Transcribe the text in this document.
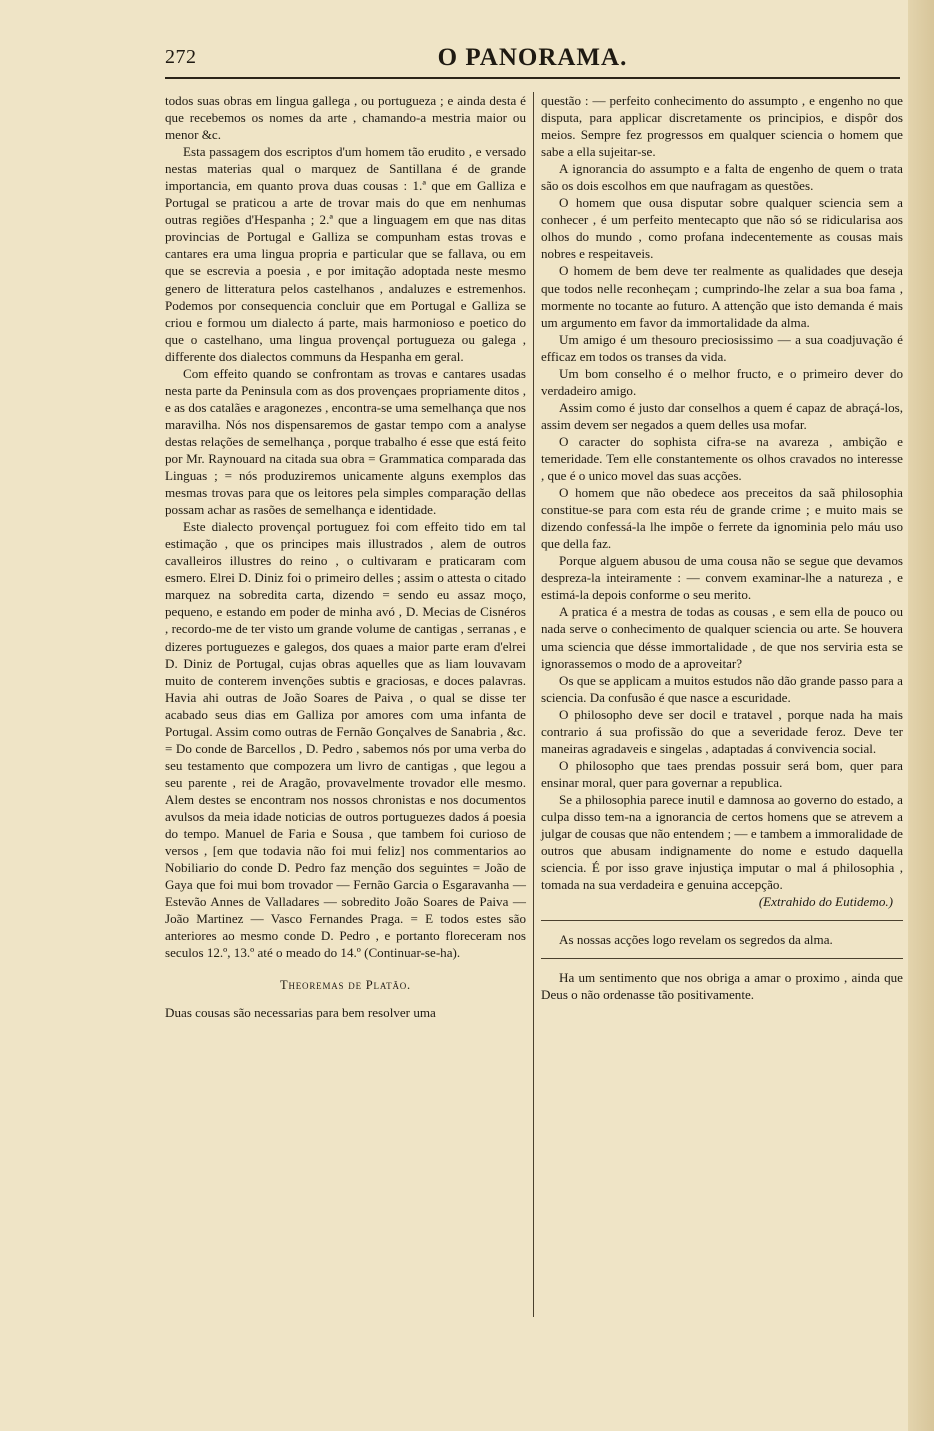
272	O PANORAMA.

todos suas obras em lingua gallega , ou portugueza ; e ainda desta é que recebemos os nomes da arte , chamando-a mestria maior ou menor &c.

Esta passagem dos escriptos d'um homem tão erudito , e versado nestas materias qual o marquez de Santillana é de grande importancia, em quanto prova duas cousas : 1.ª que em Galliza e Portugal se praticou a arte de trovar mais do que em nenhumas outras regiões d'Hespanha ; 2.ª que a linguagem em que nas ditas provincias de Portugal e Galliza se compunham estas trovas e cantares era uma lingua propria e particular que se fallava, ou em que se escrevia a poesia , e por imitação adoptada neste mesmo genero de litteratura pelos castelhanos , andaluzes e estremenhos. Podemos por consequencia concluir que em Portugal e Galliza se criou e formou um dialecto á parte, mais harmonioso e poetico do que o castelhano, uma lingua provençal portugueza ou galega , differente dos dialectos communs da Hespanha em geral.

Com effeito quando se confrontam as trovas e cantares usadas nesta parte da Peninsula com as dos provençaes propriamente ditos , e as dos catalães e aragonezes , encontra-se uma semelhança que nos maravilha. Nós nos dispensaremos de gastar tempo com a analyse destas relações de semelhança , porque trabalho é esse que está feito por Mr. Raynouard na citada sua obra = Grammatica comparada das Linguas ; = nós produziremos unicamente alguns exemplos das mesmas trovas para que os leitores pela simples comparação dellas possam achar as rasões de semelhança e identidade.

Este dialecto provençal portuguez foi com effeito tido em tal estimação , que os principes mais illustrados , alem de outros cavalleiros illustres do reino , o cultivaram e praticaram com esmero. Elrei D. Diniz foi o primeiro delles ; assim o attesta o citado marquez na sobredita carta, dizendo = sendo eu assaz moço, pequeno, e estando em poder de minha avó , D. Mecias de Cisnéros , recordo-me de ter visto um grande volume de cantigas , serranas , e dizeres portuguezes e galegos, dos quaes a maior parte eram d'elrei D. Diniz de Portugal, cujas obras aquelles que as liam louvavam muito de conterem invenções subtis e graciosas, e doces palavras. Havia ahi outras de João Soares de Paiva , o qual se disse ter acabado seus dias em Galliza por amores com uma infanta de Portugal. Assim como outras de Fernão Gonçalves de Sanabria , &c. = Do conde de Barcellos , D. Pedro , sabemos nós por uma verba do seu testamento que compozera um livro de cantigas , que legou a seu parente , rei de Aragão, provavelmente trovador elle mesmo. Alem destes se encontram nos nossos chronistas e nos documentos avulsos da meia idade noticias de outros portuguezes dados á poesia do tempo. Manuel de Faria e Sousa , que tambem foi curioso de versos , [em que todavia não foi mui feliz] nos commentarios ao Nobiliario do conde D. Pedro faz menção dos seguintes = João de Gaya que foi mui bom trovador — Fernão Garcia o Esgaravanha — Estevão Annes de Valladares — sobredito João Soares de Paiva — João Martinez — Vasco Fernandes Praga. = E todos estes são anteriores ao mesmo conde D. Pedro , e portanto floreceram nos seculos 12.º, 13.º até o meado do 14.º (Continuar-se-ha).

Theoremas de Platão.

Duas cousas são necessarias para bem resolver uma

questão : — perfeito conhecimento do assumpto , e engenho no que disputa, para applicar discretamente os principios, e dispôr dos meios. Sempre fez progressos em qualquer sciencia o homem que sabe a ella sujeitar-se.

A ignorancia do assumpto e a falta de engenho de quem o trata são os dois escolhos em que naufragam as questões.

O homem que ousa disputar sobre qualquer sciencia sem a conhecer , é um perfeito mentecapto que não só se ridicularisa aos olhos do mundo , como profana indecentemente as cousas mais nobres e respeitaveis.

O homem de bem deve ter realmente as qualidades que deseja que todos nelle reconheçam ; cumprindo-lhe zelar a sua boa fama , mormente no tocante ao futuro. A attenção que isto demanda é mais um argumento em favor da immortalidade da alma.

Um amigo é um thesouro preciosissimo — a sua coadjuvação é efficaz em todos os transes da vida.

Um bom conselho é o melhor fructo, e o primeiro dever do verdadeiro amigo.

Assim como é justo dar conselhos a quem é capaz de abraçá-los, assim devem ser negados a quem delles usa mofar.

O caracter do sophista cifra-se na avareza , ambição e temeridade. Tem elle constantemente os olhos cravados no interesse , que é o unico movel das suas acções.

O homem que não obedece aos preceitos da saã philosophia constitue-se para com esta réu de grande crime ; e muito mais se dizendo confessá-la lhe impõe o ferrete da ignominia pelo máu uso que della faz.

Porque alguem abusou de uma cousa não se segue que devamos despreza-la inteiramente : — convem examinar-lhe a natureza , e estimá-la depois conforme o seu merito.

A pratica é a mestra de todas as cousas , e sem ella de pouco ou nada serve o conhecimento de qualquer sciencia ou arte. Se houvera uma sciencia que désse immortalidade , de que nos serviria esta se ignorassemos o modo de a aproveitar?

Os que se applicam a muitos estudos não dão grande passo para a sciencia. Da confusão é que nasce a escuridade.

O philosopho deve ser docil e tratavel , porque nada ha mais contrario á sua profissão do que a severidade feroz. Deve ter maneiras agradaveis e singelas , adaptadas á convivencia social.

O philosopho que taes prendas possuir será bom, quer para ensinar moral, quer para governar a republica.

Se a philosophia parece inutil e damnosa ao governo do estado, a culpa disso tem-na a ignorancia de certos homens que se atrevem a julgar de cousas que não entendem ; — e tambem a immoralidade de outros que abusam indignamente do nome e estudo daquella sciencia. É por isso grave injustiça imputar o mal á philosophia , tomada na sua verdadeira e genuina accepção.

(Extrahido do Eutidemo.)

As nossas acções logo revelam os segredos da alma.

Ha um sentimento que nos obriga a amar o proximo , ainda que Deus o não ordenasse tão positivamente.
